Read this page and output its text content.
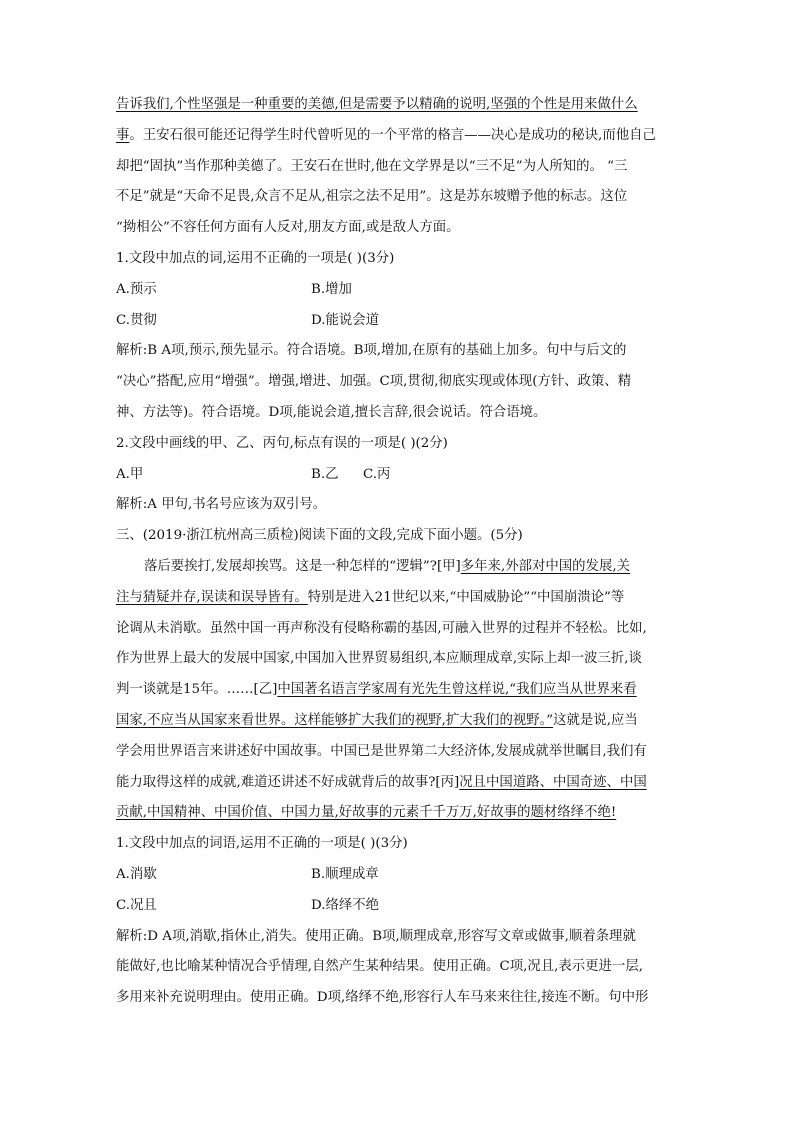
告诉我们,个性坚强是一种重要的美德,但是需要予以精确的说明,坚强的个性是用来做什么
事。王安石很可能还记得学生时代曾听见的一个平常的格言——决心是成功的秘诀,而他自己
却把“固执”当作那种美德了。王安石在世时,他在文学界是以“三不足”为人所知的。 “三
不足”就是“天命不足畏,众言不足从,祖宗之法不足用”。这是苏东坡赠予他的标志。这位
“拗相公”不容任何方面有人反对,朋友方面,或是敌人方面。
1.文段中加点的词,运用不正确的一项是( )(3分)
A.预示	B.增加
C.贯彻	D.能说会道
解析:B A项,预示,预先显示。符合语境。B项,增加,在原有的基础上加多。句中与后文的
“决心”搭配,应用“增强”。增强,增进、加强。C项,贯彻,彻底实现或体现(方针、政策、精
神、方法等)。符合语境。D项,能说会道,擅长言辞,很会说话。符合语境。
2.文段中画线的甲、乙、丙句,标点有误的一项是( )(2分)
A.甲	B.乙 C.丙
解析:A 甲句,书名号应该为双引号。
三、(2019·浙江杭州高三质检)阅读下面的文段,完成下面小题。(5分)
落后要挨打,发展却挨骂。这是一种怎样的“逻辑”?[甲]多年来,外部对中国的发展,关
注与猜疑并存,误读和误导皆有。特别是进入21世纪以来,“中国威胁论”“中国崩溃论”等
论调从未消歇。虽然中国一再声称没有侵略称霸的基因,可融入世界的过程并不轻松。比如,
作为世界上最大的发展中国家,中国加入世界贸易组织,本应顺理成章,实际上却一波三折,谈
判一谈就是15年。……[乙]中国著名语言学家周有光先生曾这样说,“我们应当从世界来看
国家,不应当从国家来看世界。这样能够扩大我们的视野,扩大我们的视野。”这就是说,应当
学会用世界语言来讲述好中国故事。中国已是世界第二大经济体,发展成就举世瞩目,我们有
能力取得这样的成就,难道还讲述不好成就背后的故事?[丙]况且中国道路、中国奇迹、中国
贡献,中国精神、中国价值、中国力量,好故事的元素千千万万,好故事的题材络绎不绝!
1.文段中加点的词语,运用不正确的一项是( )(3分)
A.消歇	B.顺理成章
C.况且	D.络绎不绝
解析:D A项,消歇,指休止,消失。使用正确。B项,顺理成章,形容写文章或做事,顺着条理就
能做好,也比喻某种情况合乎情理,自然产生某种结果。使用正确。C项,况且,表示更进一层,
多用来补充说明理由。使用正确。D项,络绎不绝,形容行人车马来来往往,接连不断。句中形
